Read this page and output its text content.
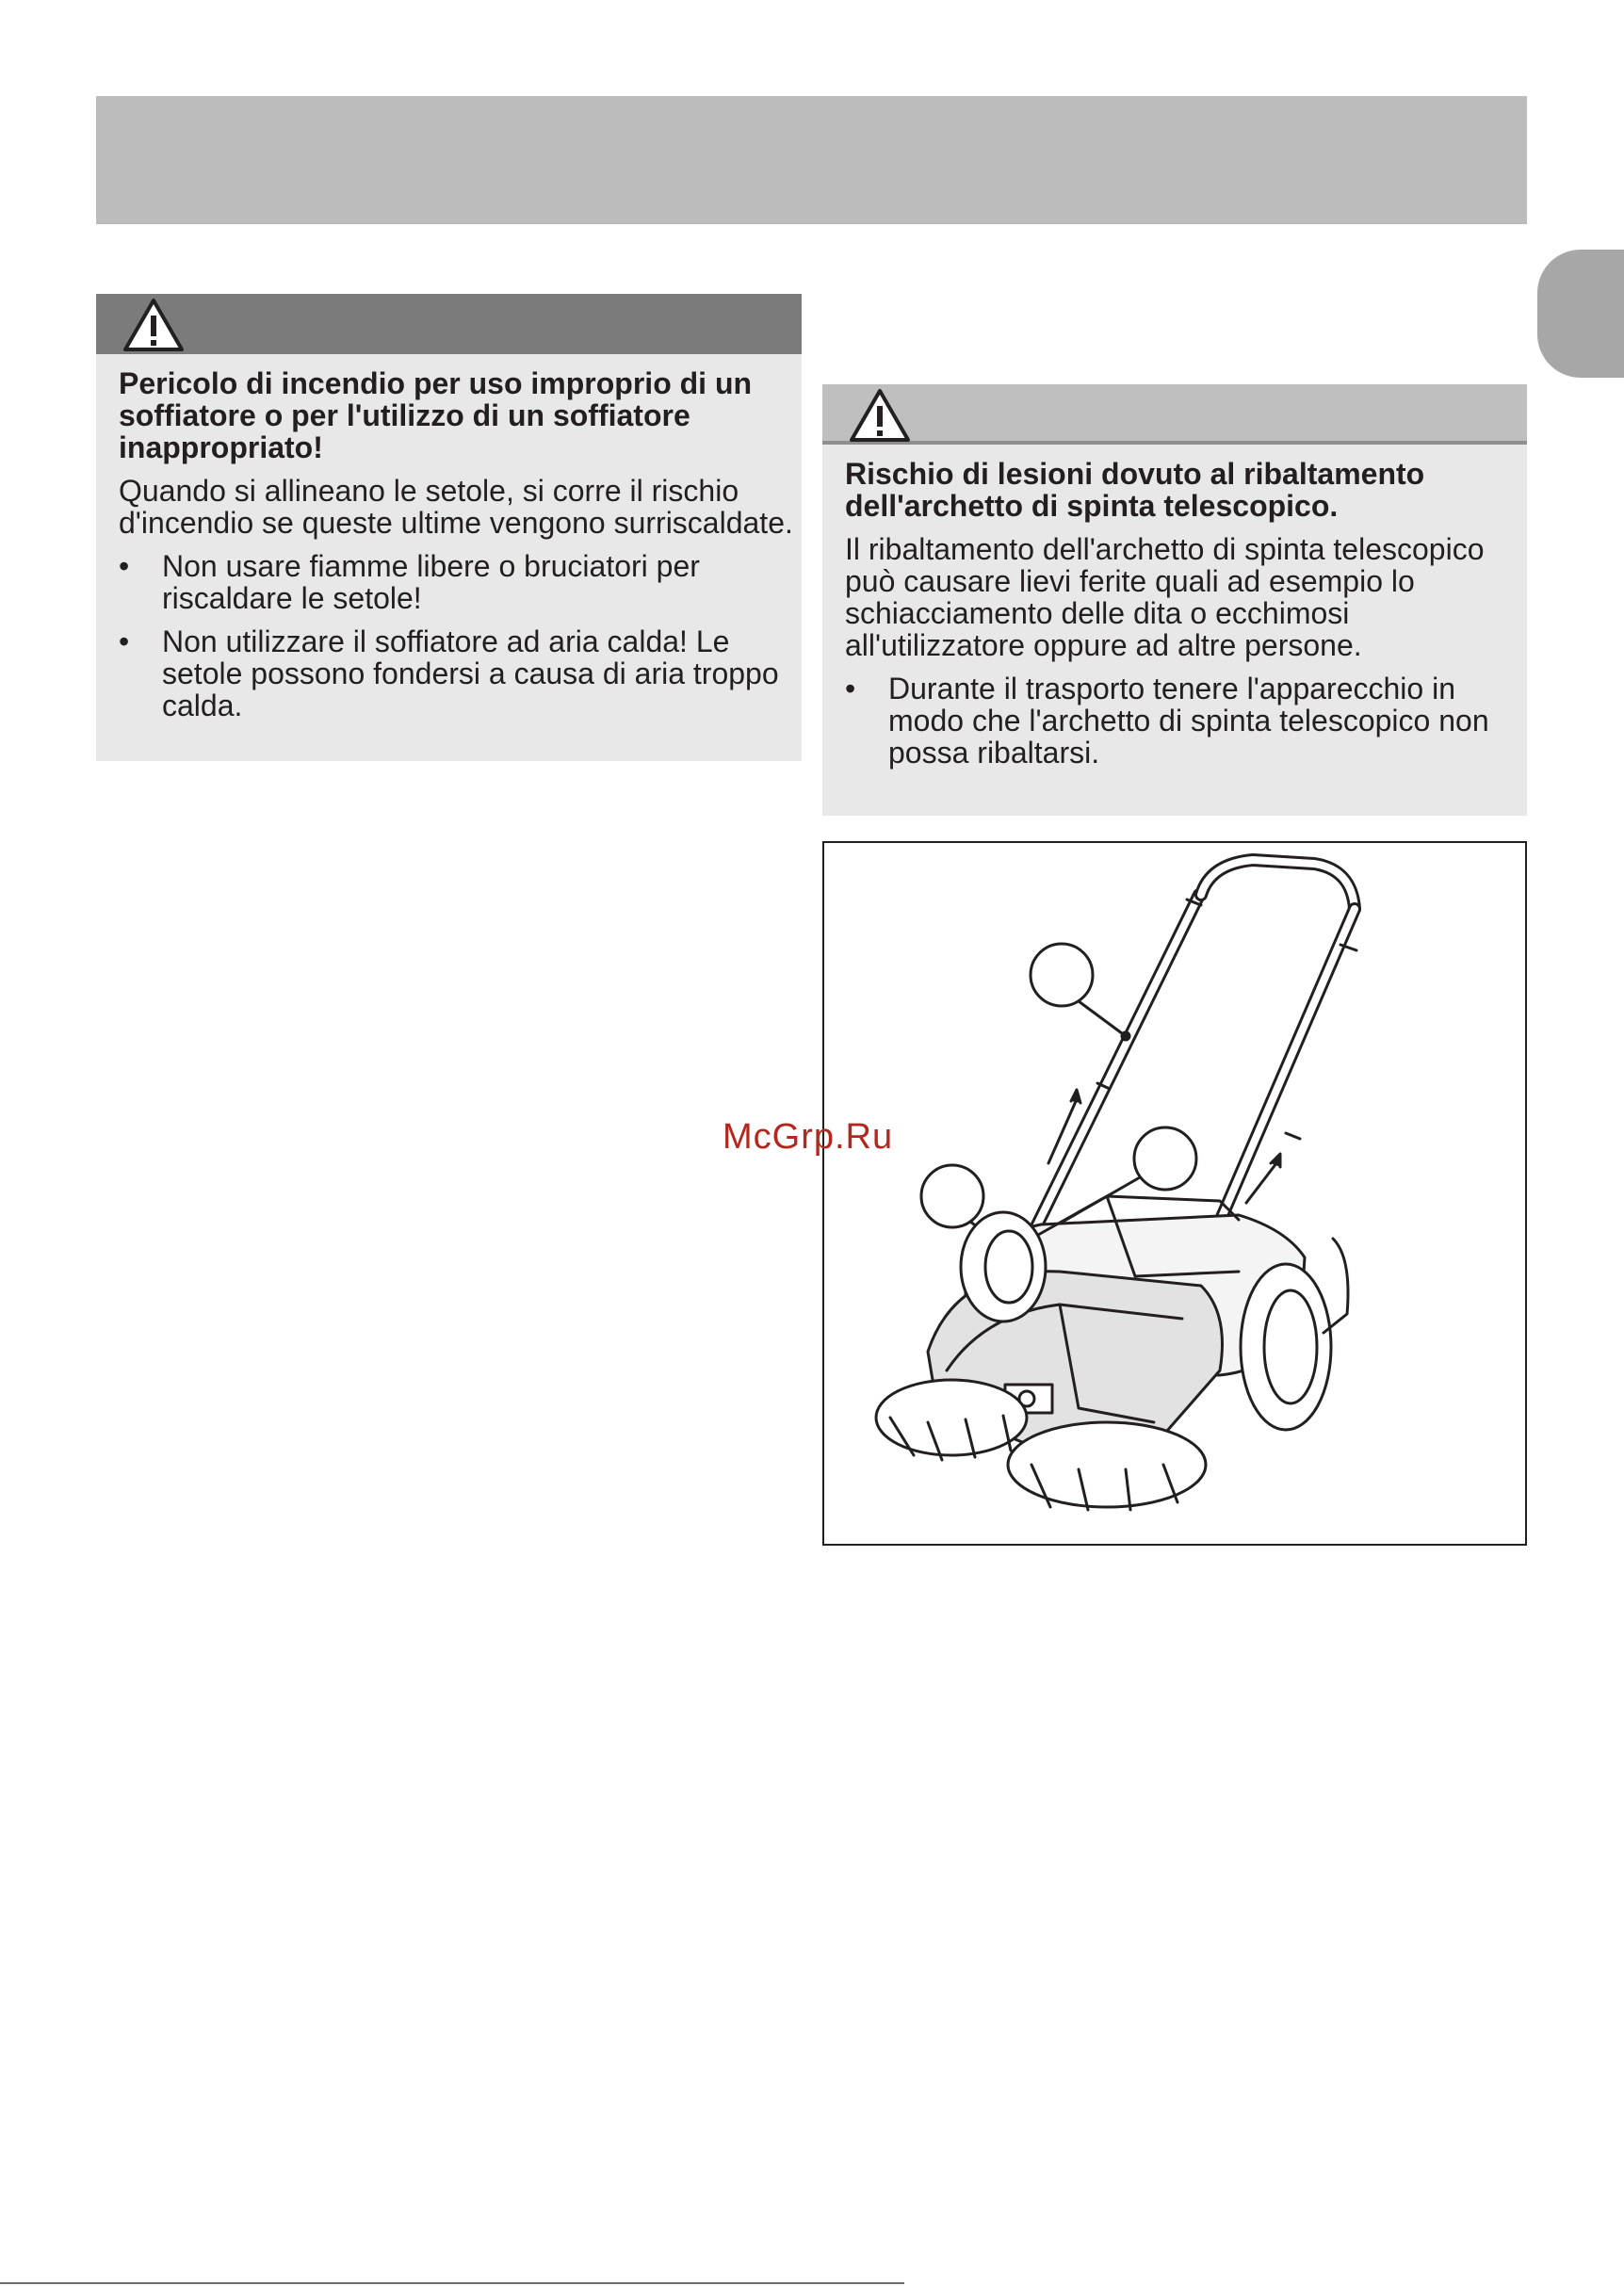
Pericolo di incendio per uso improprio di un soffiatore o per l'utilizzo di un soffiatore inappropriato!

Quando si allineano le setole, si corre il rischio d'incendio se queste ultime vengono surriscaldate.

•	Non usare fiamme libere o bruciatori per riscaldare le setole!
•	Non utilizzare il soffiatore ad aria calda! Le setole possono fondersi a causa di aria troppo calda.

Rischio di lesioni dovuto al ribaltamento dell'archetto di spinta telescopico.

Il ribaltamento dell'archetto di spinta telescopico può causare lievi ferite quali ad esempio lo schiacciamento delle dita o ecchimosi all'utilizzatore oppure ad altre persone.

•	Durante il trasporto tenere l'apparecchio in modo che l'archetto di spinta telescopico non possa ribaltarsi.
McGrp.Ru
